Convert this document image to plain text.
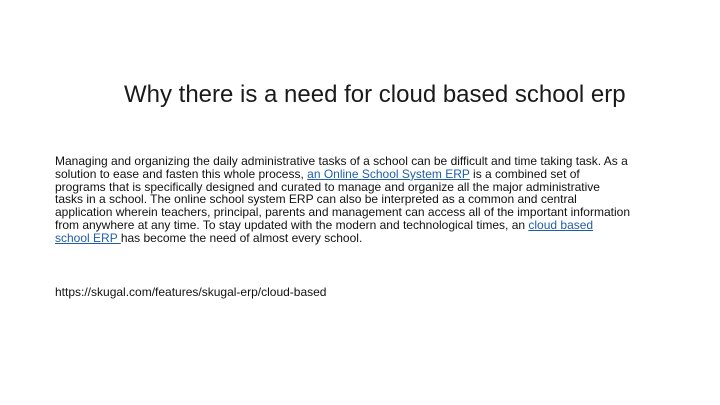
Why there is a need for cloud based school erp

Managing and organizing the daily administrative tasks of a school can be difficult and time taking task. As a solution to ease and fasten this whole process, an Online School System ERP is a combined set of programs that is specifically designed and curated to manage and organize all the major administrative tasks in a school. The online school system ERP can also be interpreted as a common and central application wherein teachers, principal, parents and management can access all of the important information from anywhere at any time. To stay updated with the modern and technological times, an cloud based school ERP has become the need of almost every school.

https://skugal.com/features/skugal-erp/cloud-based
